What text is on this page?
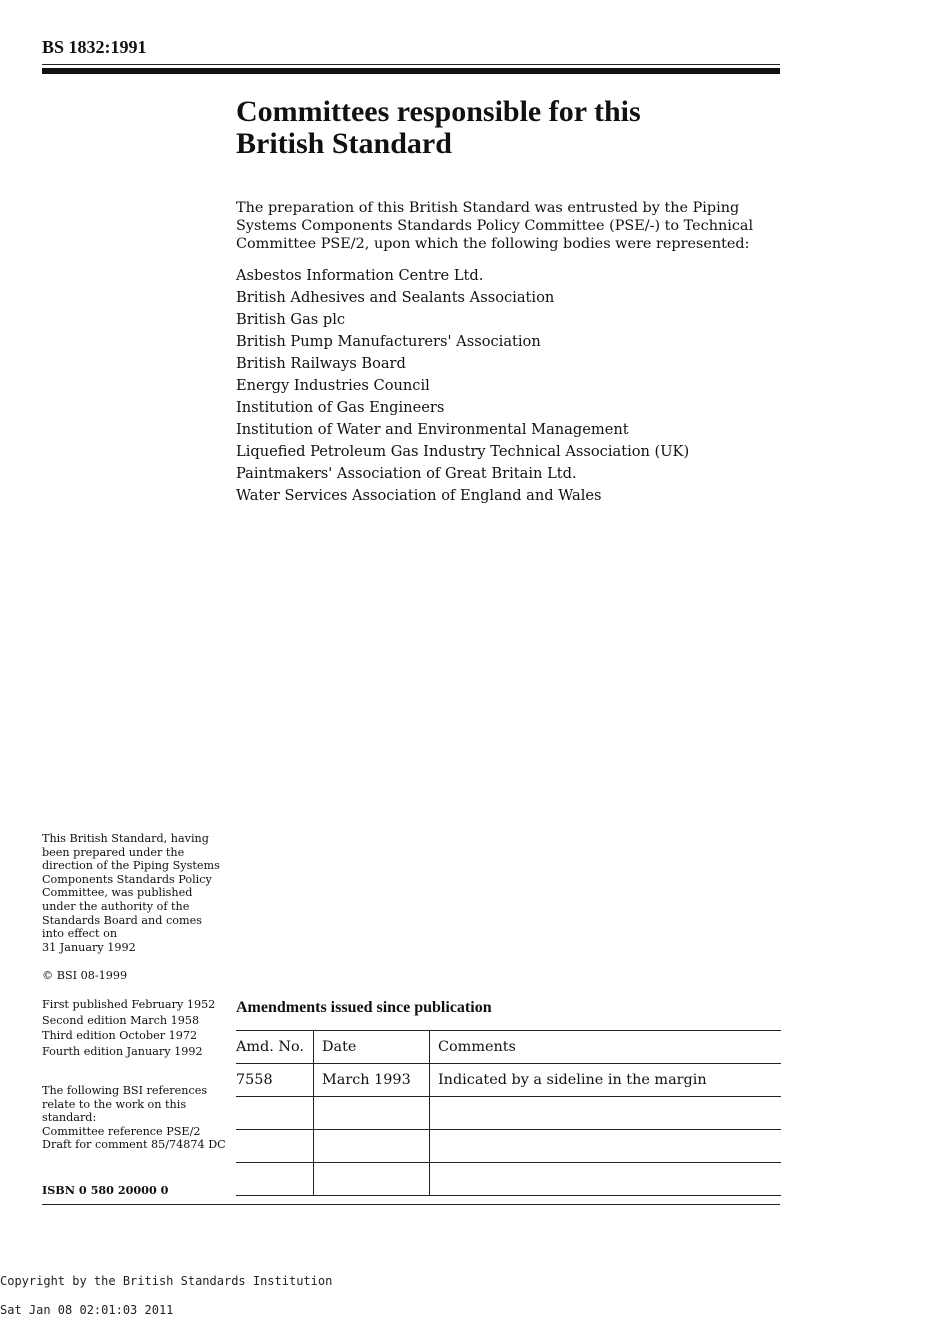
BS 1832:1991
Committees responsible for this
British Standard

The preparation of this British Standard was entrusted by the Piping Systems Components Standards Policy Committee (PSE/-) to Technical Committee PSE/2, upon which the following bodies were represented:

Asbestos Information Centre Ltd.
British Adhesives and Sealants Association
British Gas plc
British Pump Manufacturers' Association
British Railways Board
Energy Industries Council
Institution of Gas Engineers
Institution of Water and Environmental Management
Liquefied Petroleum Gas Industry Technical Association (UK)
Paintmakers' Association of Great Britain Ltd.
Water Services Association of England and Wales

This British Standard, having
been prepared under the
direction of the Piping Systems
Components Standards Policy
Committee, was published
under the authority of the
Standards Board and comes
into effect on
31 January 1992

© BSI 08-1999

First published February 1952
Second edition March 1958
Third edition October 1972
Fourth edition January 1992

The following BSI references
relate to the work on this
standard:
Committee reference PSE/2
Draft for comment 85/74874 DC

ISBN 0 580 20000 0

Amendments issued since publication
Amd. No.	Date	Comments
7558	March 1993	Indicated by a sideline in the margin

Copyright by the British Standards Institution

Sat Jan 08 02:01:03 2011
